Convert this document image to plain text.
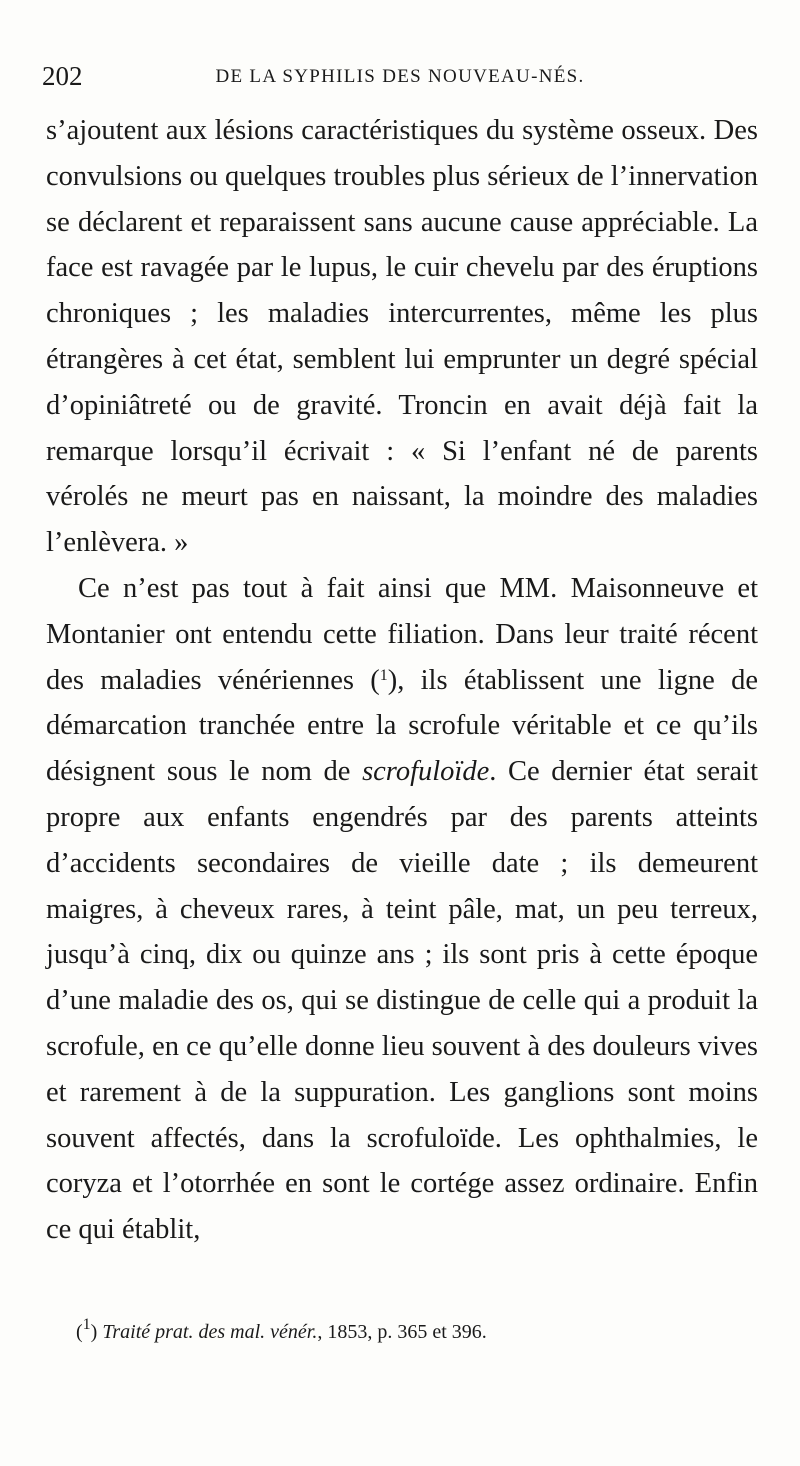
202	DE LA SYPHILIS DES NOUVEAU-NÉS.

s’ajoutent aux lésions caractéristiques du système osseux. Des convulsions ou quelques troubles plus sérieux de l’innervation se déclarent et reparaissent sans aucune cause appréciable. La face est ravagée par le lupus, le cuir chevelu par des éruptions chroniques ; les maladies intercurrentes, même les plus étrangères à cet état, semblent lui emprunter un degré spécial d’opiniâtreté ou de gravité. Troncin en avait déjà fait la remarque lorsqu’il écrivait : « Si l’enfant né de parents vérolés ne meurt pas en naissant, la moindre des maladies l’enlèvera. »

Ce n’est pas tout à fait ainsi que MM. Maisonneuve et Montanier ont entendu cette filiation. Dans leur traité récent des maladies vénériennes ($^1$), ils établissent une ligne de démarcation tranchée entre la scrofule véritable et ce qu’ils désignent sous le nom de scrofuloïde. Ce dernier état serait propre aux enfants engendrés par des parents atteints d’accidents secondaires de vieille date ; ils demeurent maigres, à cheveux rares, à teint pâle, mat, un peu terreux, jusqu’à cinq, dix ou quinze ans ; ils sont pris à cette époque d’une maladie des os, qui se distingue de celle qui a produit la scrofule, en ce qu’elle donne lieu souvent à des douleurs vives et rarement à de la suppuration. Les ganglions sont moins souvent affectés, dans la scrofuloïde. Les ophthalmies, le coryza et l’otorrhée en sont le cortége assez ordinaire. Enfin ce qui établit,

($^1$) Traité prat. des mal. vénér., 1853, p. 365 et 396.
